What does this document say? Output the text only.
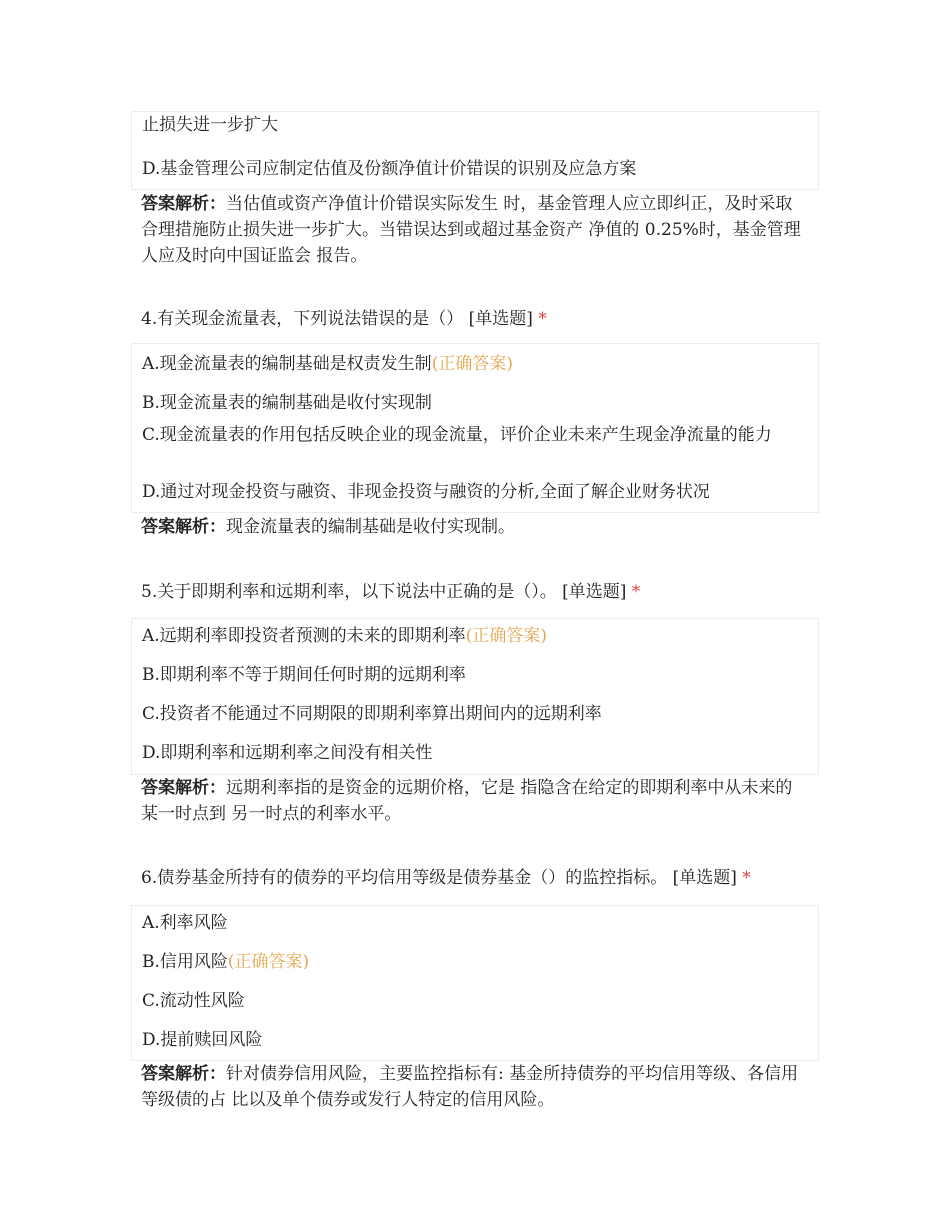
止损失进一步扩大
D.基金管理公司应制定估值及份额净值计价错误的识别及应急方案
答案解析：当估值或资产净值计价错误实际发生 时，基金管理人应立即纠正，及时采取合理措施防止损失进一步扩大。当错误达到或超过基金资产 净值的 0.25%时，基金管理人应及时向中国证监会 报告。
4.有关现金流量表，下列说法错误的是（） [单选题] *
A.现金流量表的编制基础是权责发生制(正确答案)
B.现金流量表的编制基础是收付实现制
C.现金流量表的作用包括反映企业的现金流量，评价企业未来产生现金净流量的能力
D.通过对现金投资与融资、非现金投资与融资的分析,全面了解企业财务状况
答案解析：现金流量表的编制基础是收付实现制。
5.关于即期利率和远期利率，以下说法中正确的是（）。 [单选题] *
A.远期利率即投资者预测的未来的即期利率(正确答案)
B.即期利率不等于期间任何时期的远期利率
C.投资者不能通过不同期限的即期利率算出期间内的远期利率
D.即期利率和远期利率之间没有相关性
答案解析：远期利率指的是资金的远期价格，它是 指隐含在给定的即期利率中从未来的某一时点到 另一时点的利率水平。
6.债券基金所持有的债券的平均信用等级是债券基金（）的监控指标。 [单选题] *
A.利率风险
B.信用风险(正确答案)
C.流动性风险
D.提前赎回风险
答案解析：针对债券信用风险，主要监控指标有: 基金所持债券的平均信用等级、各信用等级债的占 比以及单个债券或发行人特定的信用风险。
